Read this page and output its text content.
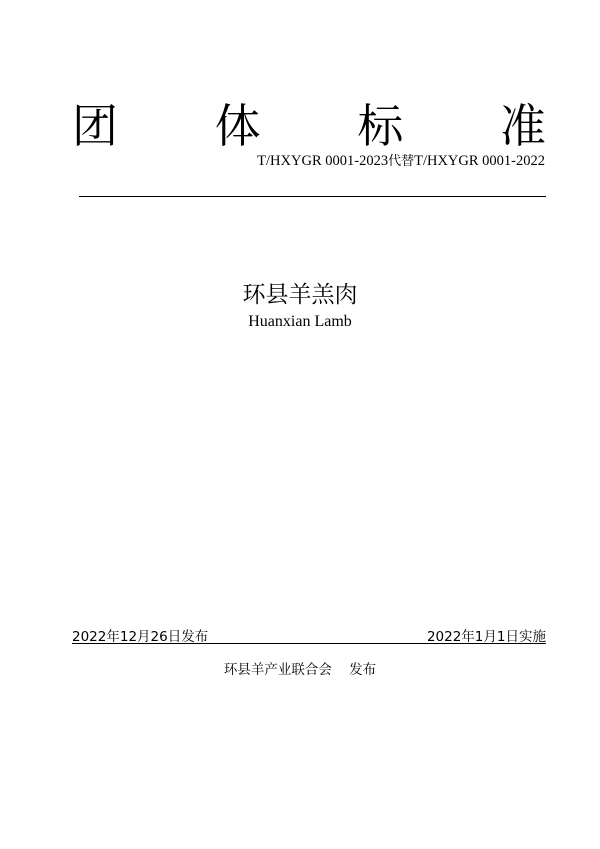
团 体 标 准
T/HXYGR 0001-2023代替T/HXYGR 0001-2022
环县羊羔肉
Huanxian Lamb
2022年12月26日发布	2022年1月1日实施
环县羊产业联合会 发布
